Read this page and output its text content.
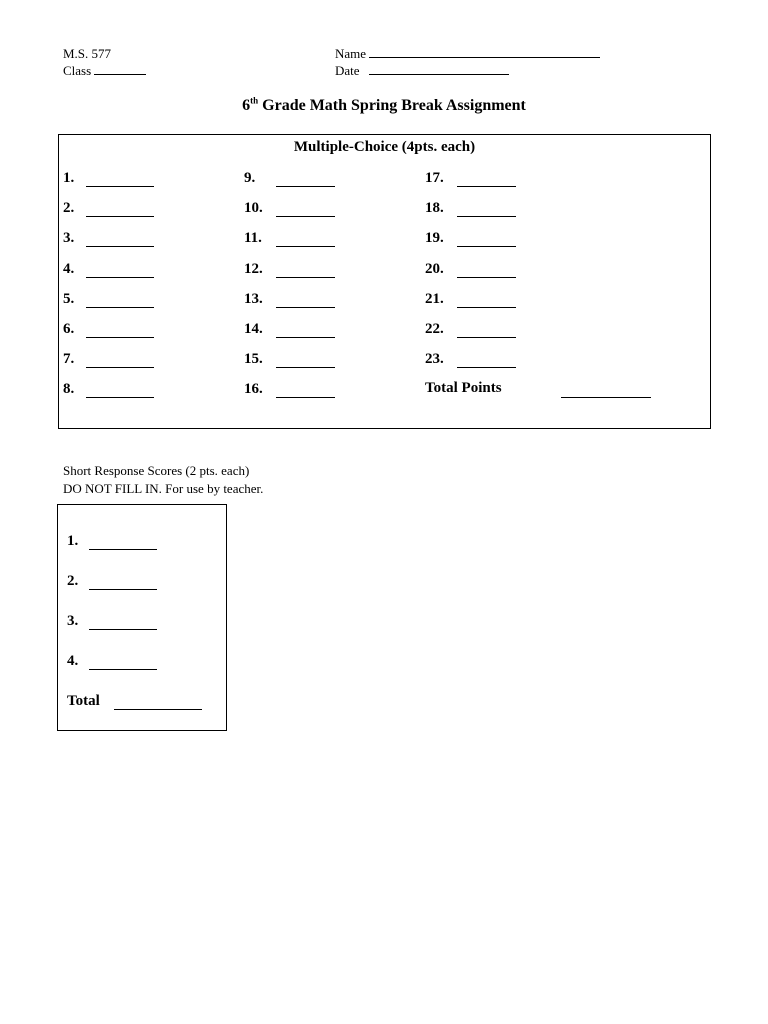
M.S. 577
Class
Name
Date
6th Grade Math Spring Break Assignment
Multiple-Choice (4pts. each)
1.
2.
3.
4.
5.
6.
7.
8.
9.
10.
11.
12.
13.
14.
15.
16.
17.
18.
19.
20.
21.
22.
23.
Total Points
Short Response Scores (2 pts. each)
DO NOT FILL IN. For use by teacher.
1.
2.
3.
4.
Total
